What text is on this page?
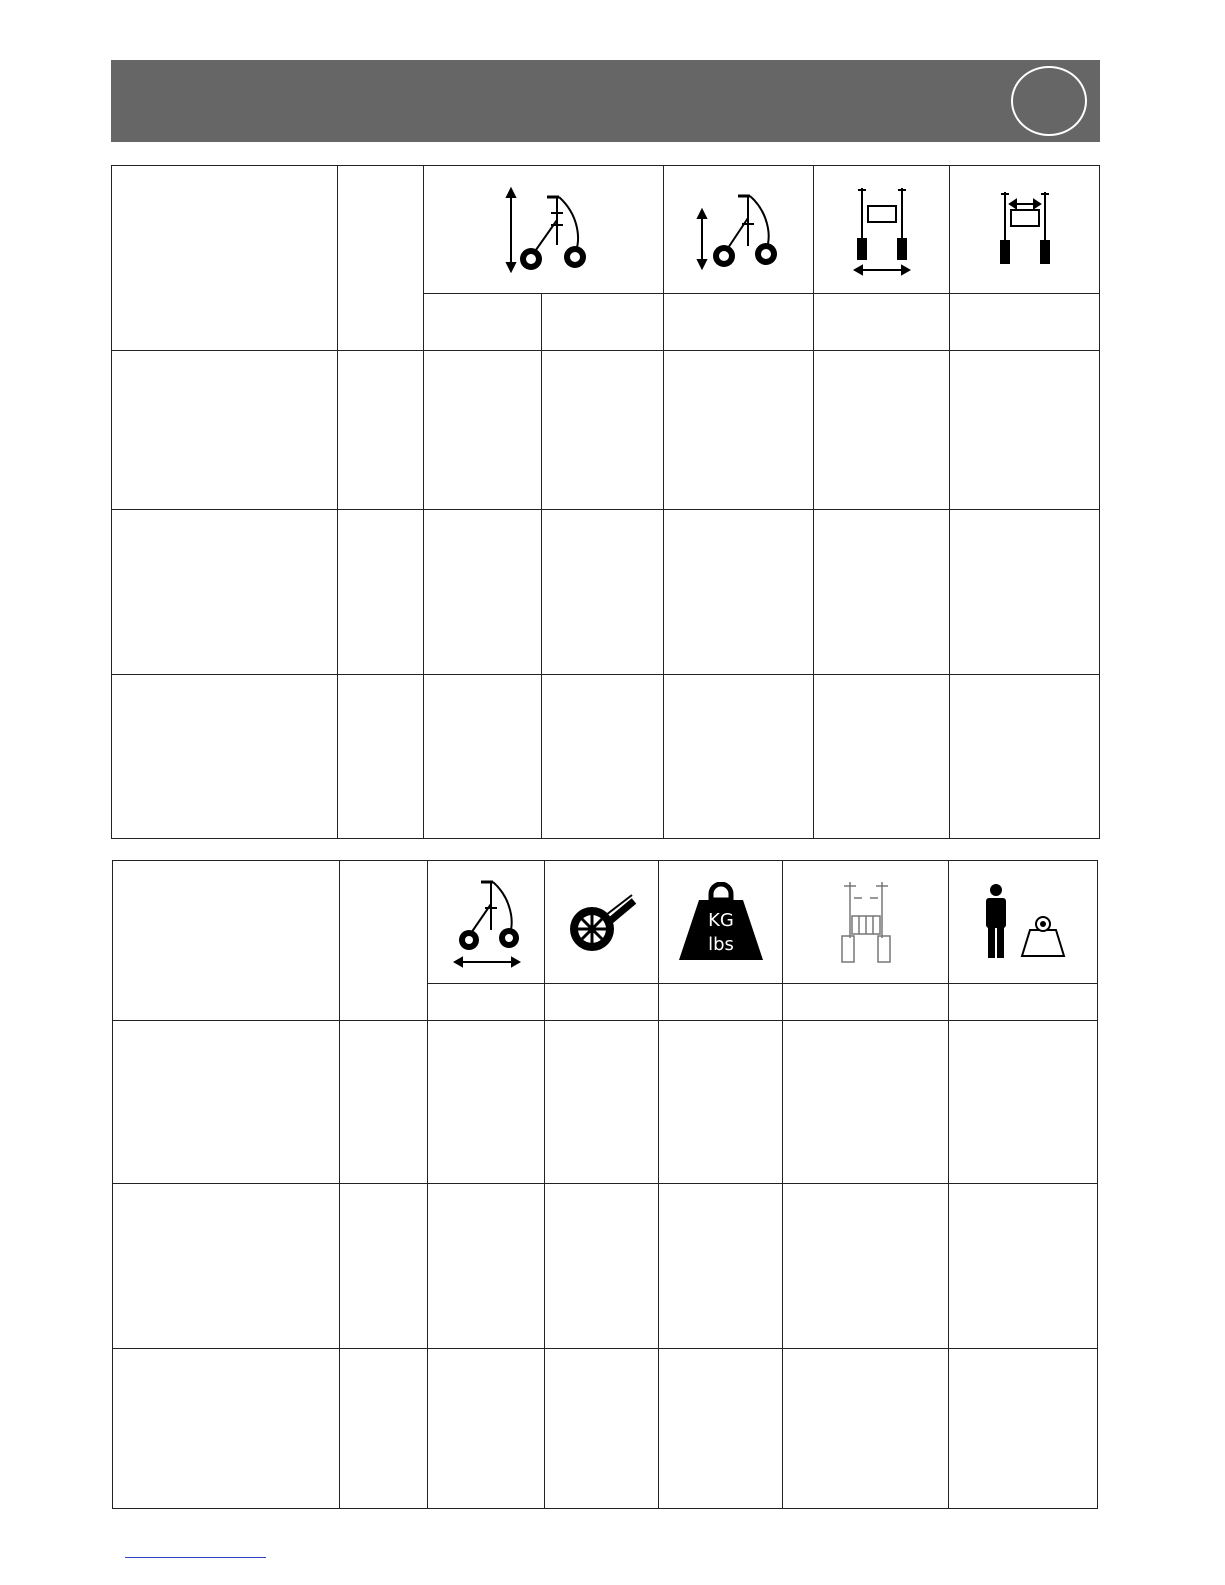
KG
lbs
